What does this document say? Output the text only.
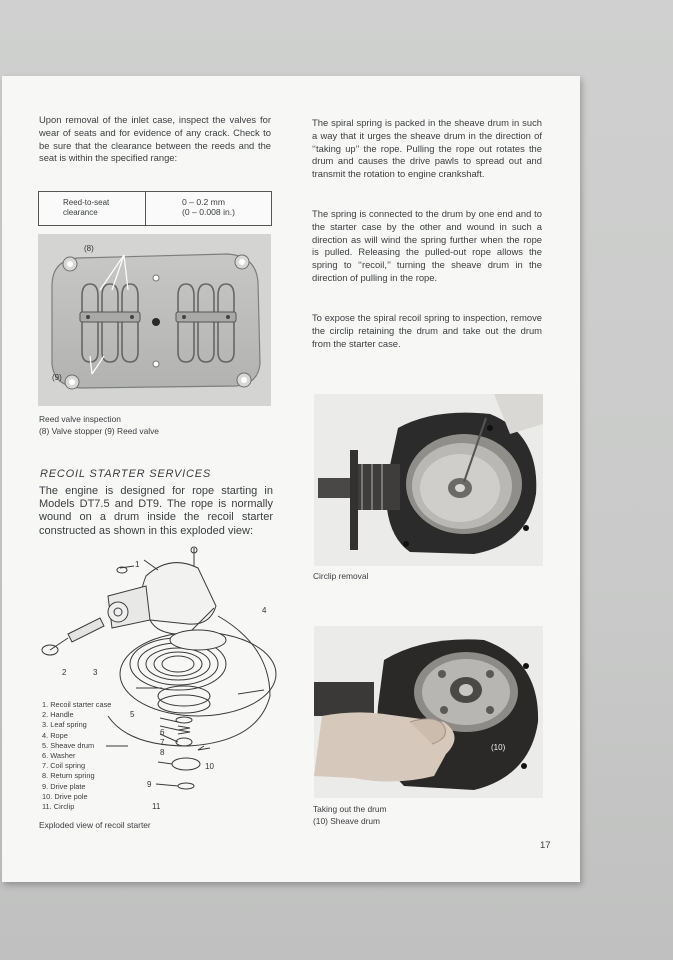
Upon removal of the inlet case, inspect the valves for wear of seats and for evidence of any crack. Check to be sure that the clearance between the reeds and the seat is within the specified range:
Reed-to-seat clearance
0 – 0.2 mm
(0 – 0.008 in.)
(8)
(9)
Reed valve inspection
(8) Valve stopper (9) Reed valve
RECOIL STARTER SERVICES
The engine is designed for rope starting in Models DT7.5 and DT9. The rope is normally wound on a drum inside the recoil starter constructed as shown in this exploded view:
1
2	3
4
5
6
7
8
9
10
11
1. Recoil starter case
2. Handle
3. Leaf spring
4. Rope
5. Sheave drum
6. Washer
7. Coil spring
8. Return spring
9. Drive plate
10. Drive pole
11. Circlip
Exploded view of recoil starter
The spiral spring is packed in the sheave drum in such a way that it urges the sheave drum in the direction of ‘‘taking up’’ the rope. Pulling the rope out rotates the drum and causes the drive pawls to spread out and transmit the rotation to engine crankshaft.
The spring is connected to the drum by one end and to the starter case by the other and wound in such a direction as will wind the spring further when the rope is pulled. Releasing the pulled-out rope allows the spring to ‘‘recoil,’’ turning the sheave drum in the direction of pulling in the rope.
To expose the spiral recoil spring to inspection, remove the circlip retaining the drum and take out the drum from the starter case.
Circlip removal
(10)
Taking out the drum
(10) Sheave drum
17
